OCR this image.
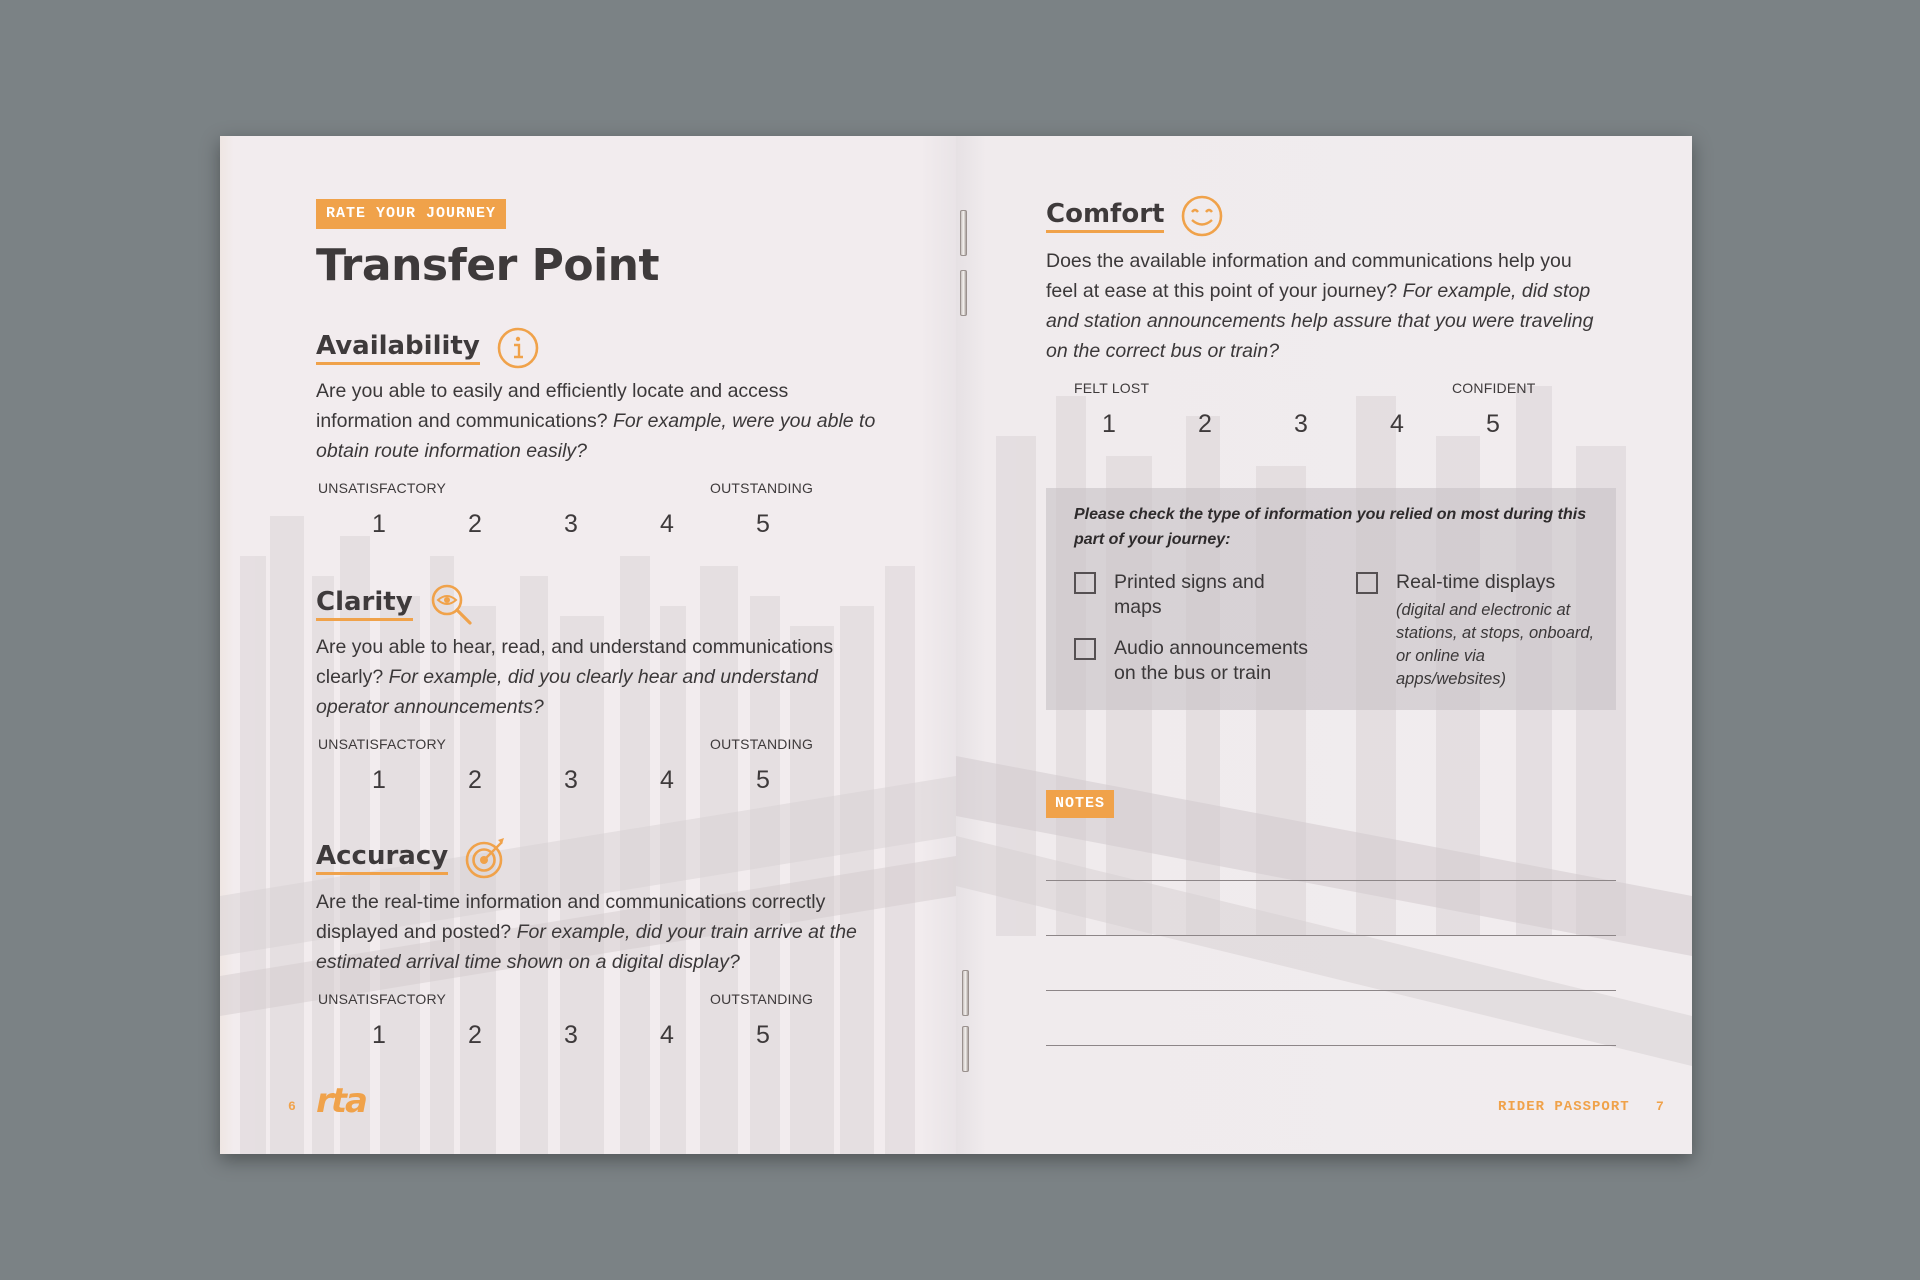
RATE YOUR JOURNEY
Transfer Point
Availability

Are you able to easily and efficiently locate and access information and communications? For example, were you able to obtain route information easily?

UNSATISFACTORY	OUTSTANDING
1	2	3	4	5
Clarity

Are you able to hear, read, and understand communications clearly? For example, did you clearly hear and understand operator announcements?

UNSATISFACTORY	OUTSTANDING
1	2	3	4	5
Accuracy

Are the real-time information and communications correctly displayed and posted? For example, did your train arrive at the estimated arrival time shown on a digital display?

UNSATISFACTORY	OUTSTANDING
1	2	3	4	5
6 rta
Comfort

Does the available information and communications help you feel at ease at this point of your journey? For example, did stop and station announcements help assure that you were traveling on the correct bus or train?

FELT LOST	CONFIDENT
1	2	3	4	5

Please check the type of information you relied on most during this part of your journey:

Printed signs and maps
Audio announcements on the bus or train
Real-time displays
(digital and electronic at stations, at stops, onboard, or online via apps/websites)
NOTES
RIDER PASSPORT 7
